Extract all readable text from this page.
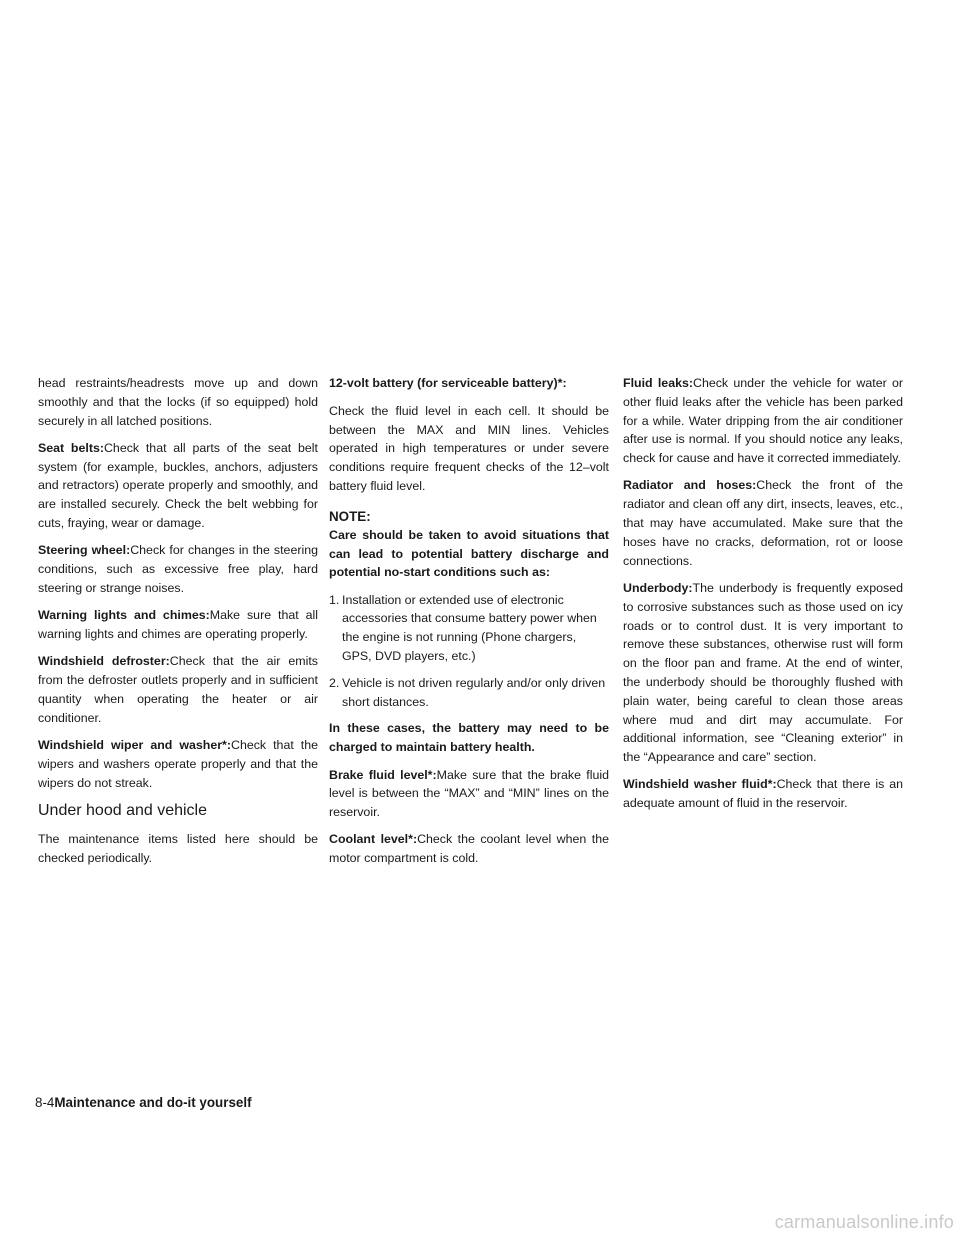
head restraints/headrests move up and down smoothly and that the locks (if so equipped) hold securely in all latched positions.

Seat belts:Check that all parts of the seat belt system (for example, buckles, anchors, adjusters and retractors) operate properly and smoothly, and are installed securely. Check the belt webbing for cuts, fraying, wear or damage.

Steering wheel:Check for changes in the steering conditions, such as excessive free play, hard steering or strange noises.

Warning lights and chimes:Make sure that all warning lights and chimes are operating properly.

Windshield defroster:Check that the air emits from the defroster outlets properly and in sufficient quantity when operating the heater or air conditioner.

Windshield wiper and washer*:Check that the wipers and washers operate properly and that the wipers do not streak.

Under hood and vehicle

The maintenance items listed here should be checked periodically.

12-volt battery (for serviceable battery)*:

Check the fluid level in each cell. It should be between the MAX and MIN lines. Vehicles operated in high temperatures or under severe conditions require frequent checks of the 12–volt battery fluid level.

NOTE:

Care should be taken to avoid situations that can lead to potential battery discharge and potential no-start conditions such as:

1. Installation or extended use of electronic accessories that consume battery power when the engine is not running (Phone chargers, GPS, DVD players, etc.)
2. Vehicle is not driven regularly and/or only driven short distances.

In these cases, the battery may need to be charged to maintain battery health.

Brake fluid level*:Make sure that the brake fluid level is between the “MAX” and “MIN” lines on the reservoir.

Coolant level*:Check the coolant level when the motor compartment is cold.

Fluid leaks:Check under the vehicle for water or other fluid leaks after the vehicle has been parked for a while. Water dripping from the air conditioner after use is normal. If you should notice any leaks, check for cause and have it corrected immediately.

Radiator and hoses:Check the front of the radiator and clean off any dirt, insects, leaves, etc., that may have accumulated. Make sure that the hoses have no cracks, deformation, rot or loose connections.

Underbody:The underbody is frequently exposed to corrosive substances such as those used on icy roads or to control dust. It is very important to remove these substances, otherwise rust will form on the floor pan and frame. At the end of winter, the underbody should be thoroughly flushed with plain water, being careful to clean those areas where mud and dirt may accumulate. For additional information, see “Cleaning exterior” in the “Appearance and care” section.

Windshield washer fluid*:Check that there is an adequate amount of fluid in the reservoir.

8-4Maintenance and do-it yourself
carmanualsonline.info
